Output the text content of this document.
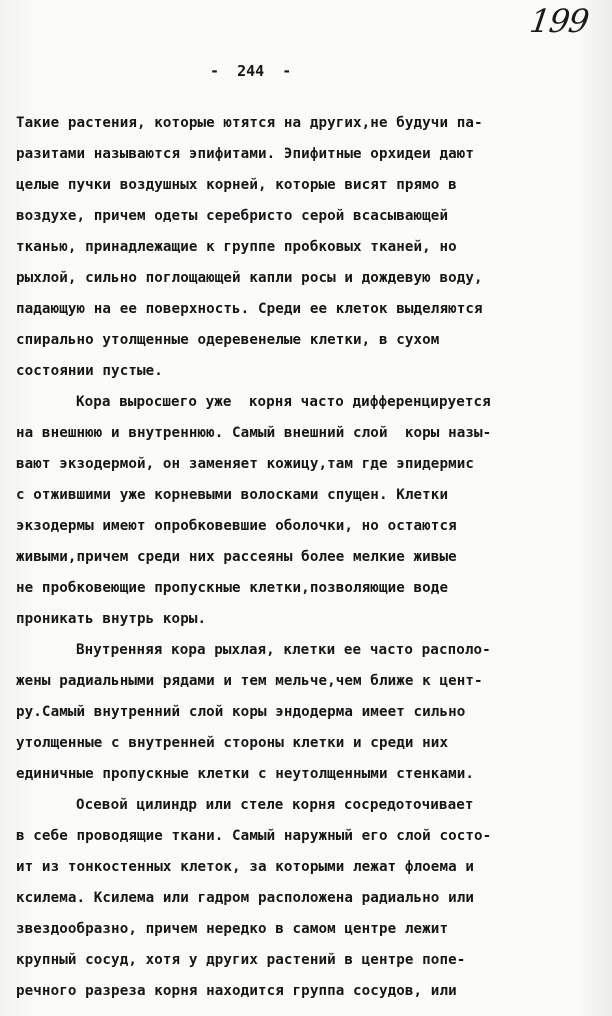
199
-  244  -
Такие растения, которые ютятся на других,не будучи па-
разитами называются эпифитами. Эпифитные орхидеи дают
целые пучки воздушных корней, которые висят прямо в
воздухе, причем одеты серебристо серой всасывающей
тканью, принадлежащие к группе пробковых тканей, но
рыхлой, сильно поглощающей капли росы и дождевую воду,
падающую на ее поверхность. Среди ее клеток выделяются
спирально утолщенные одеревенелые клетки, в сухом
состоянии пустые.
Кора выросшего уже  корня часто дифференцируется
на внешнюю и внутреннюю. Самый внешний слой  коры назы-
вают экзодермой, он заменяет кожицу,там где эпидермис
с отжившими уже корневыми волосками спущен. Клетки
экзодермы имеют опробковевшие оболочки, но остаются
живыми,причем среди них рассеяны более мелкие живые
не пробковеющие пропускные клетки,позволяющие воде
проникать внутрь коры.
Внутренняя кора рыхлая, клетки ее часто располо-
жены радиальными рядами и тем мельче,чем ближе к цент-
ру.Самый внутренний слой коры эндодерма имеет сильно
утолщенные с внутренней стороны клетки и среди них
единичные пропускные клетки с неутолщенными стенками.
Осевой цилиндр или стеле корня сосредоточивает
в себе проводящие ткани. Самый наружный его слой состо-
ит из тонкостенных клеток, за которыми лежат флоема и
ксилема. Ксилема или гадром расположена радиально или
звездообразно, причем нередко в самом центре лежит
крупный сосуд, хотя у других растений в центре попе-
речного разреза корня находится группа сосудов, или
